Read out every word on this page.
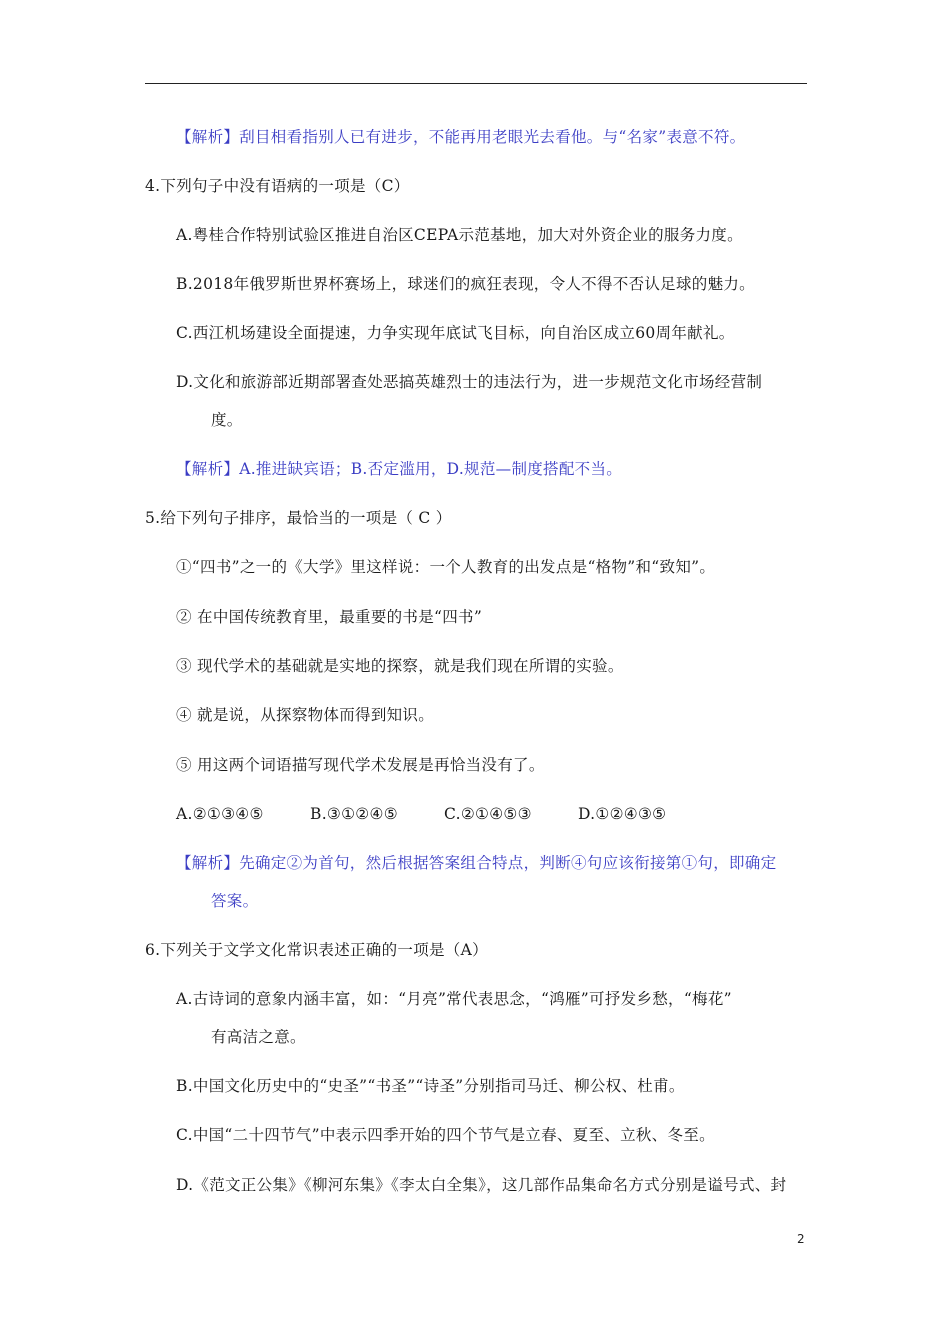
【解析】刮目相看指别人已有进步，不能再用老眼光去看他。与“名家”表意不符。
4.下列句子中没有语病的一项是（C）
A.粤桂合作特别试验区推进自治区CEPA示范基地，加大对外资企业的服务力度。
B.2018年俄罗斯世界杯赛场上，球迷们的疯狂表现，令人不得不否认足球的魅力。
C.西江机场建设全面提速，力争实现年底试飞目标，向自治区成立60周年献礼。
D.文化和旅游部近期部署查处恶搞英雄烈士的违法行为，进一步规范文化市场经营制
度。
【解析】A.推进缺宾语；B.否定滥用，D.规范—制度搭配不当。
5.给下列句子排序，最恰当的一项是（ C ）
①“四书”之一的《大学》里这样说：一个人教育的出发点是“格物”和“致知”。
② 在中国传统教育里，最重要的书是“四书”
③ 现代学术的基础就是实地的探察，就是我们现在所谓的实验。
④ 就是说，从探察物体而得到知识。
⑤ 用这两个词语描写现代学术发展是再恰当没有了。
A.②①③④⑤	B.③①②④⑤	C.②①④⑤③	D.①②④③⑤
【解析】先确定②为首句，然后根据答案组合特点，判断④句应该衔接第①句，即确定
答案。
6.下列关于文学文化常识表述正确的一项是（A）
A.古诗词的意象内涵丰富，如：“月亮”常代表思念，“鸿雁”可抒发乡愁，“梅花”
有高洁之意。
B.中国文化历史中的“史圣”“书圣”“诗圣”分别指司马迁、柳公权、杜甫。
C.中国“二十四节气”中表示四季开始的四个节气是立春、夏至、立秋、冬至。
D.《范文正公集》《柳河东集》《李太白全集》，这几部作品集命名方式分别是谥号式、封
2
